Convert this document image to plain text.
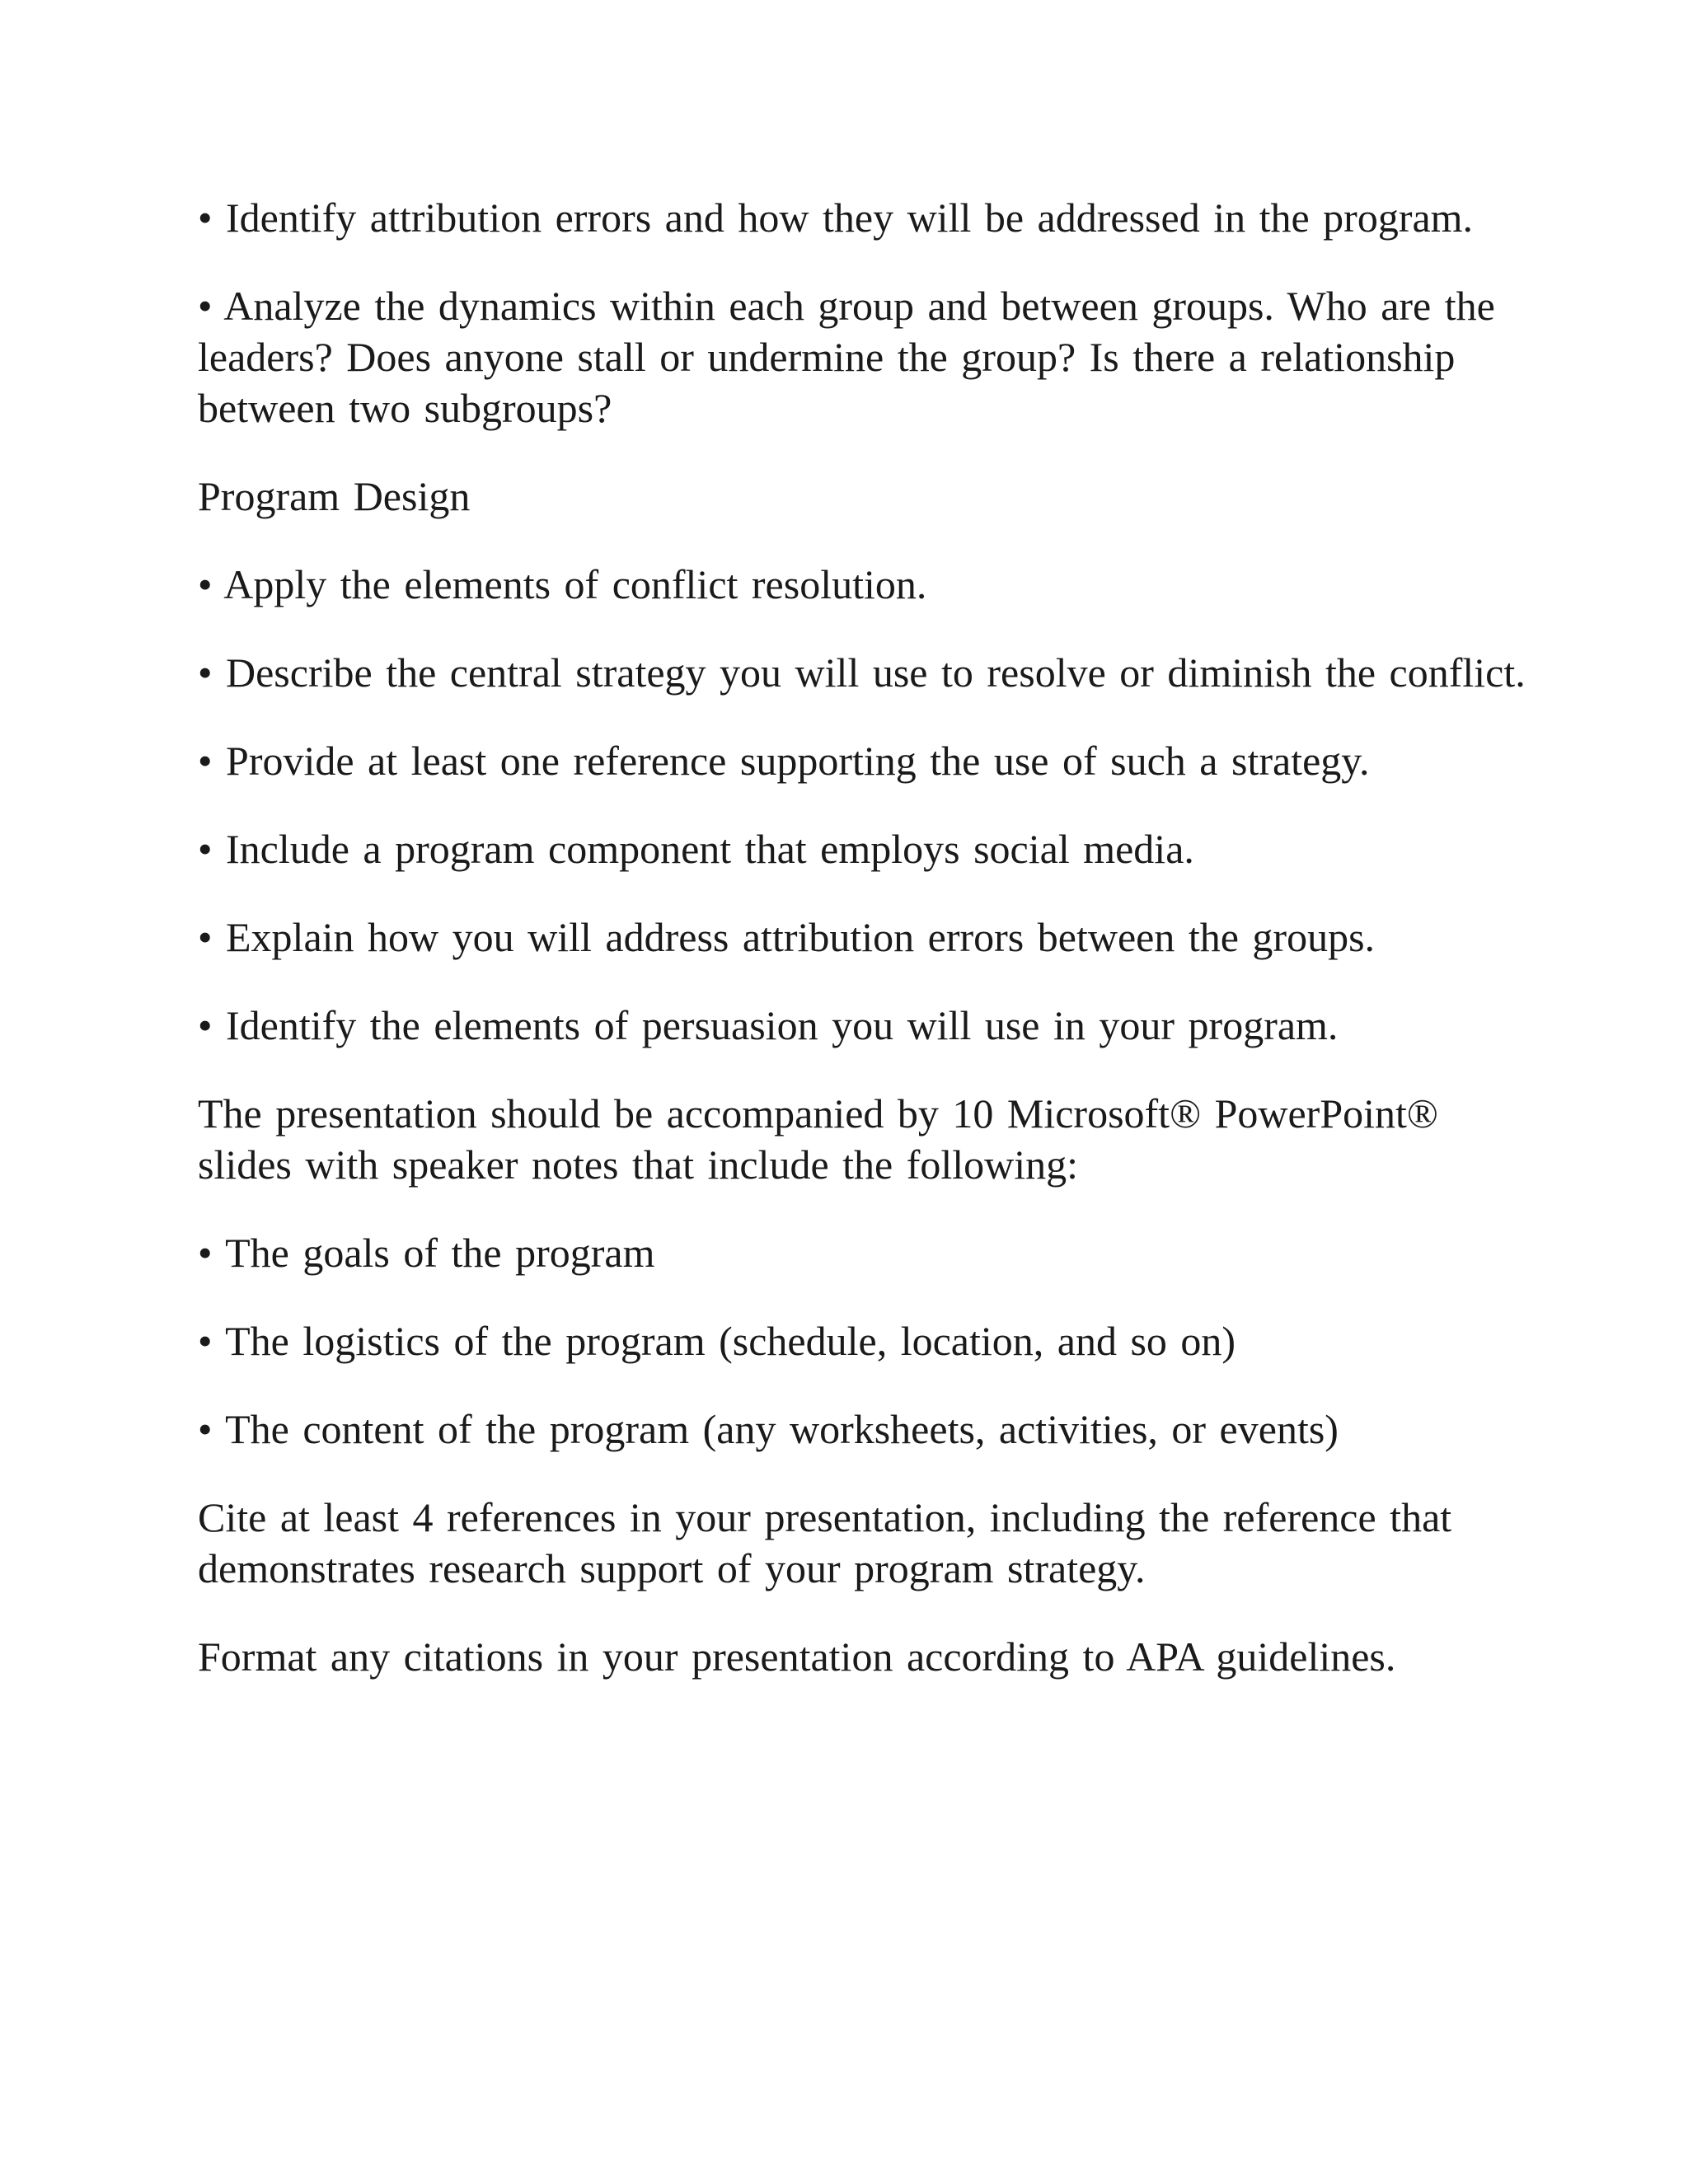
• Identify attribution errors and how they will be addressed in the program.

• Analyze the dynamics within each group and between groups. Who are the leaders? Does anyone stall or undermine the group? Is there a relationship between two subgroups?

Program Design

• Apply the elements of conflict resolution.

• Describe the central strategy you will use to resolve or diminish the conflict.

• Provide at least one reference supporting the use of such a strategy.

• Include a program component that employs social media.

• Explain how you will address attribution errors between the groups.

• Identify the elements of persuasion you will use in your program.

The presentation should be accompanied by 10 Microsoft® PowerPoint® slides with speaker notes that include the following:

• The goals of the program

• The logistics of the program (schedule, location, and so on)

• The content of the program (any worksheets, activities, or events)

Cite at least 4 references in your presentation, including the reference that demonstrates research support of your program strategy.

Format any citations in your presentation according to APA guidelines.
